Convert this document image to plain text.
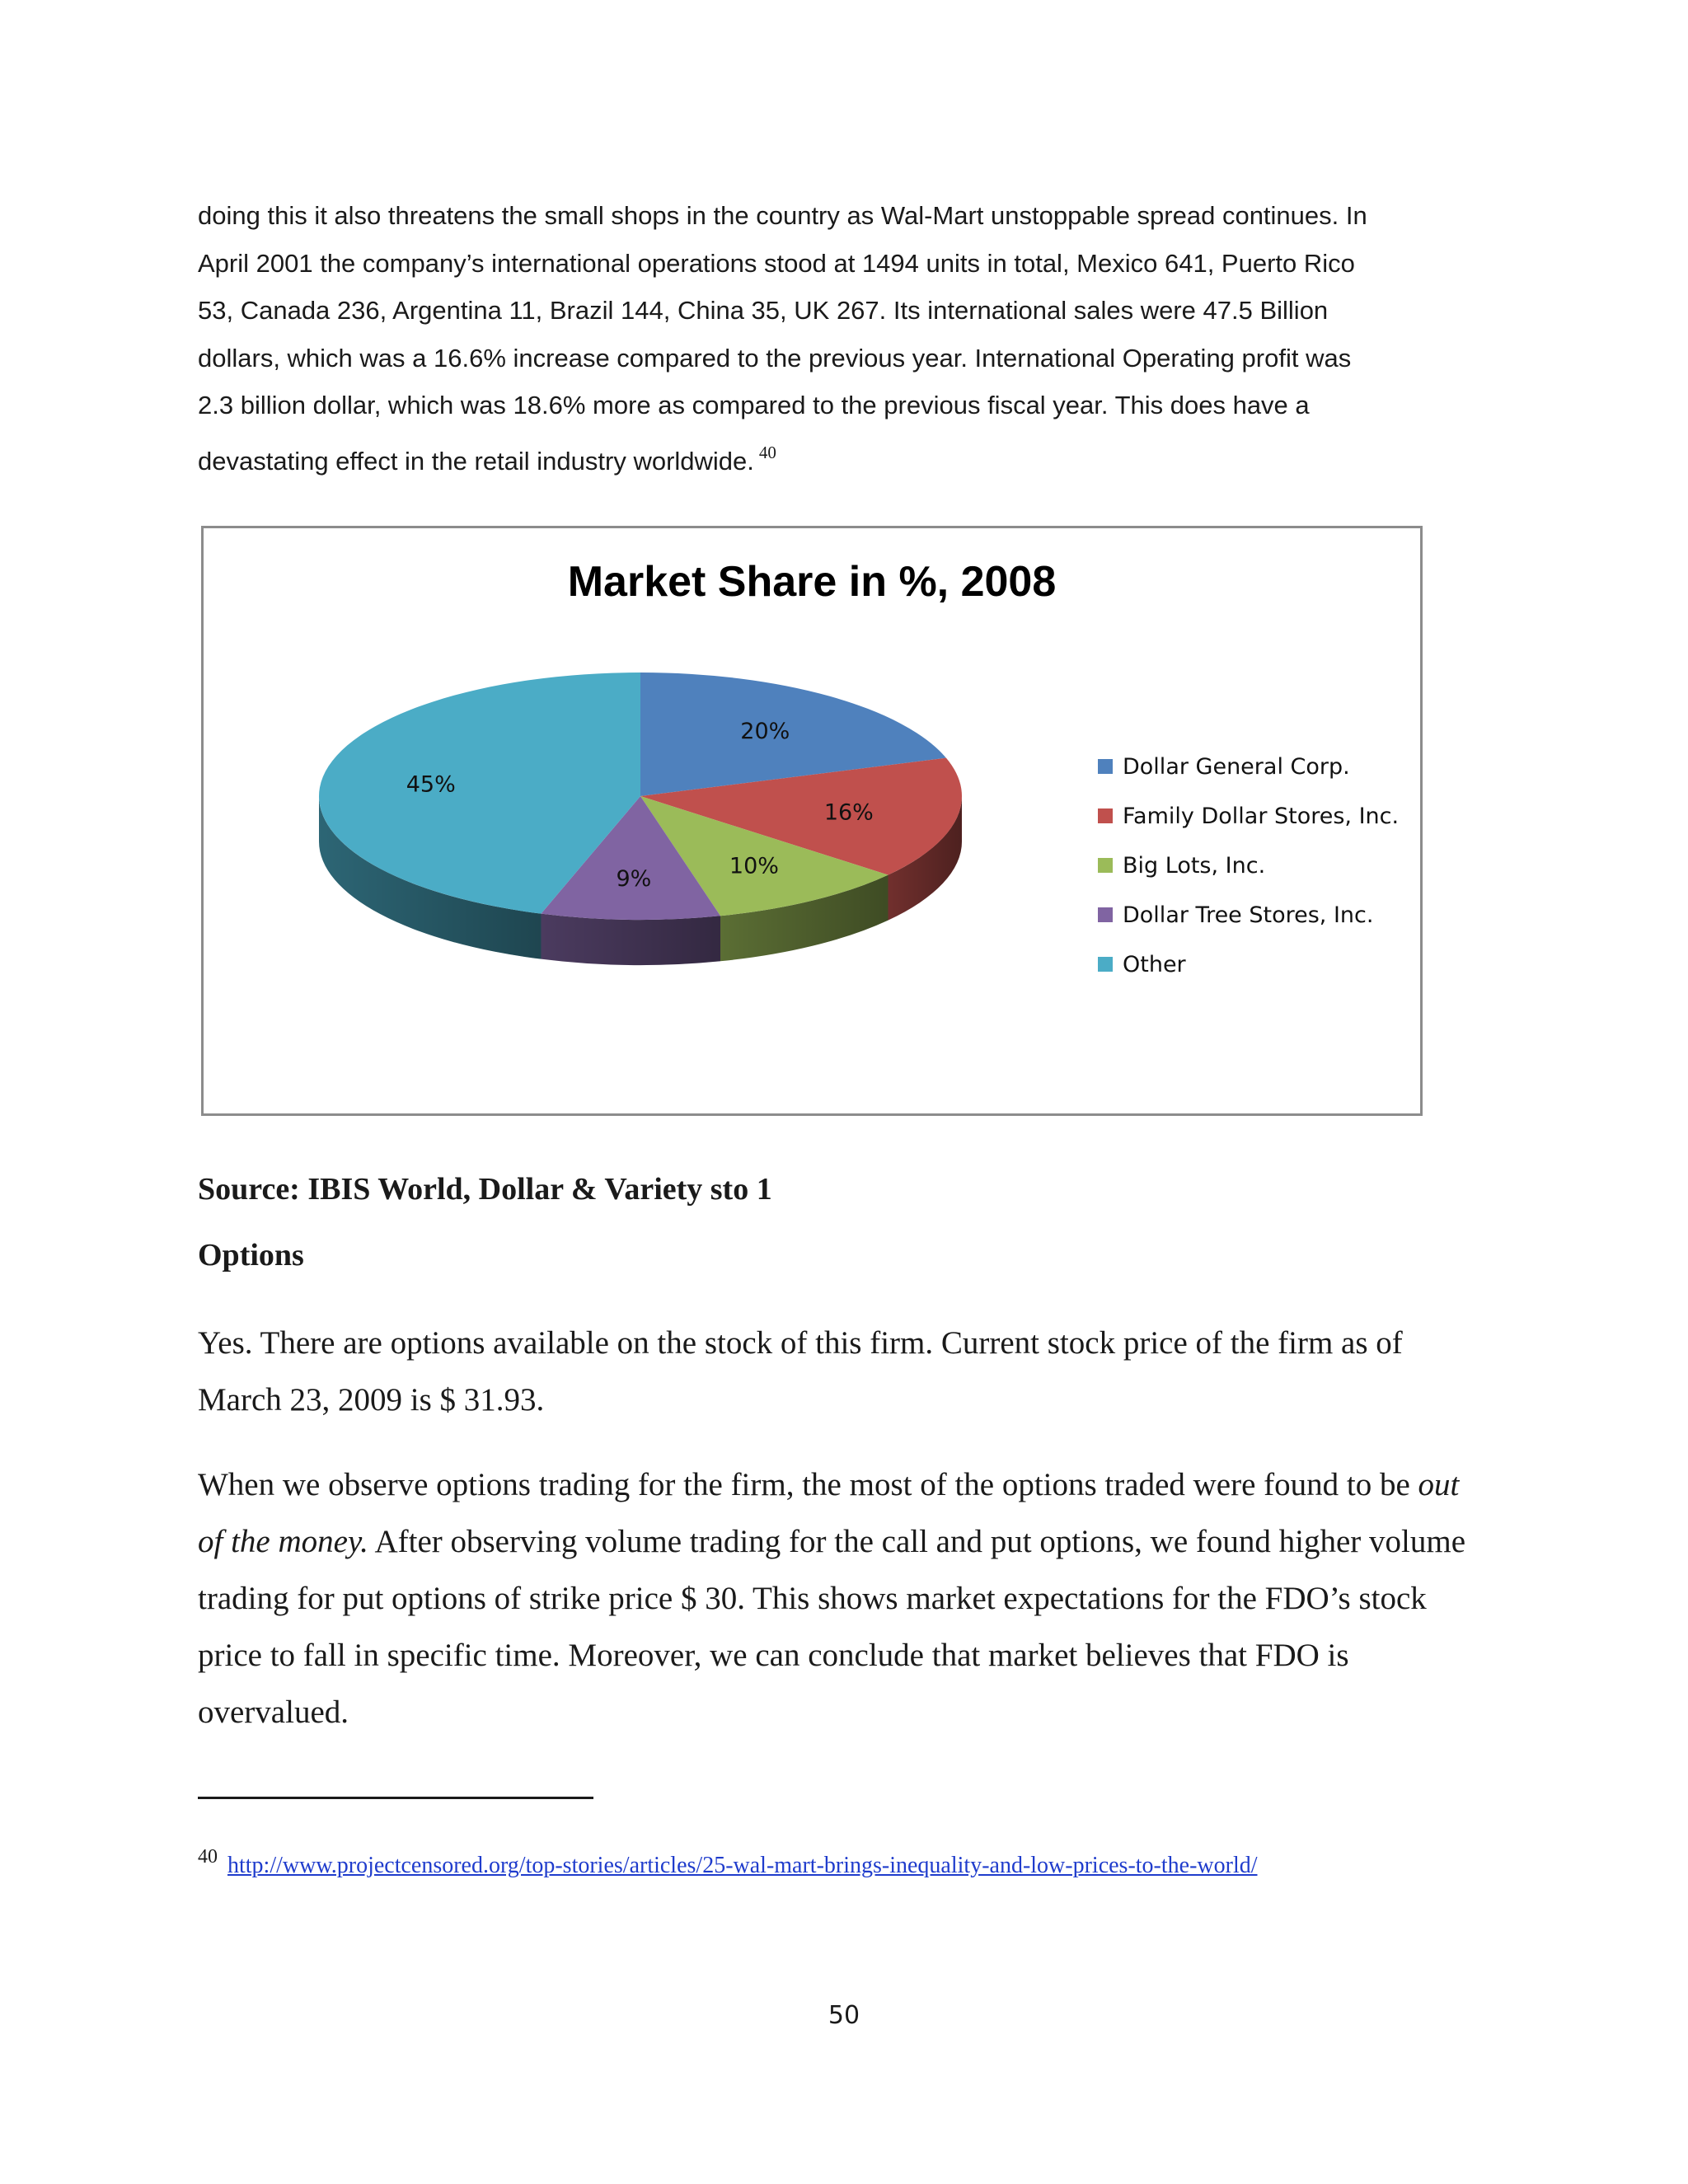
doing this it also threatens the small shops in the country as Wal-Mart unstoppable spread continues. In
April 2001 the company’s international operations stood at 1494 units in total, Mexico 641, Puerto Rico
53, Canada 236, Argentina 11, Brazil 144, China 35, UK 267. Its international sales were 47.5 Billion
dollars, which was a 16.6% increase compared to the previous year. International Operating profit was
2.3 billion dollar, which was 18.6% more as compared to the previous fiscal year. This does have a
devastating effect in the retail industry worldwide. $^{40}$
Market Share in %, 2008
20%
16%
10%
9%
45%
Dollar General Corp.
Family Dollar Stores, Inc.
Big Lots, Inc.
Dollar Tree Stores, Inc.
Other
Source: IBIS World, Dollar & Variety sto 1
Options
Yes. There are options available on the stock of this firm. Current stock price of the firm as of March 23, 2009 is $ 31.93.
When we observe options trading for the firm, the most of the options traded were found to be out of the money. After observing volume trading for the call and put options, we found higher volume trading for put options of strike price $ 30. This shows market expectations for the FDO’s stock price to fall in specific time. Moreover, we can conclude that market believes that FDO is overvalued.
40 http://www.projectcensored.org/top-stories/articles/25-wal-mart-brings-inequality-and-low-prices-to-the-world/
50
